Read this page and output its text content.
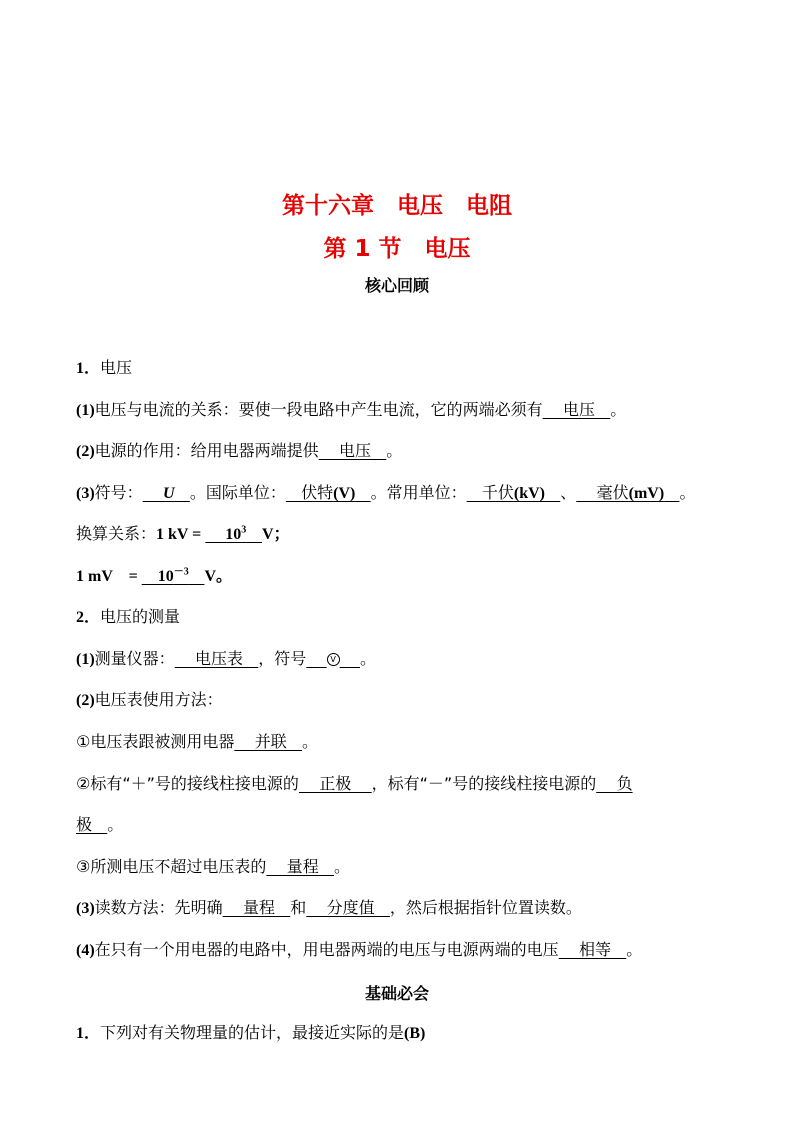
第十六章　电压　电阻
第 1 节　电压
核心回顾
1．电压
(1)电压与电流的关系：要使一段电路中产生电流，它的两端必须有    电压   。
(2)电源的作用：给用电器两端提供    电压   。
(3)符号： U 。国际单位：   伏特(V) 。常用单位：   千伏(kV) 、    毫伏(mV) 。
换算关系：1 kV =      $10^3$ V；
1 mV　=     $10^{-3}$ V。
2．电压的测量
(1)测量仪器：    电压表   ，符号	V 。
(2)电压表使用方法：
①电压表跟被测用电器    并联   。
②标有“＋”号的接线柱接电源的    正极    ，标有“－”号的接线柱接电源的    负
极   。
③所测电压不超过电压表的    量程   。
(3)读数方法：先明确    量程   和    分度值   ，然后根据指针位置读数。
(4)在只有一个用电器的电路中，用电器两端的电压与电源两端的电压    相等   。
基础必会
1．下列对有关物理量的估计，最接近实际的是(B)
